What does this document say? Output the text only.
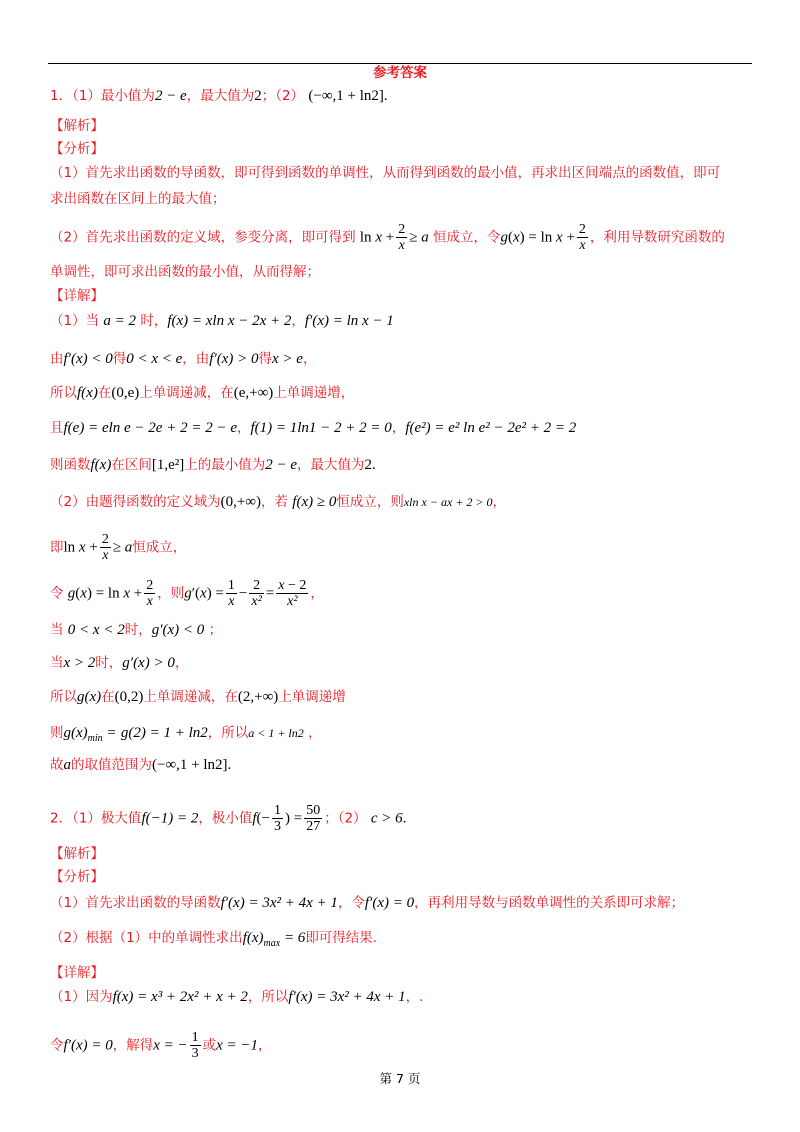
参考答案
1．（1）最小值为2 − e，最大值为2；（2） (−∞,1 + ln2].
【解析】
【分析】
（1）首先求出函数的导函数，即可得到函数的单调性，从而得到函数的最小值，再求出区间端点的函数值，即可
求出函数在区间上的最大值；
（2）首先求出函数的定义域，参变分离，即可得到 $\ln x + \frac{2}{x} \ge a$ 恒成立，令$g(x) = \ln x + \frac{2}{x}$ ，利用导数研究函数的
单调性，即可求出函数的最小值，从而得解；
【详解】
（1）当 a = 2 时，f(x) = xln x − 2x + 2，f′(x) = ln x − 1
由f′(x) < 0得0 < x < e，由f′(x) > 0得x > e，
所以f(x)在(0,e)上单调递减，在(e,+∞)上单调递增，
且f(e) = eln e − 2e + 2 = 2 − e，f(1) = 1ln1 − 2 + 2 = 0，f(e²) = e² ln e² − 2e² + 2 = 2
则函数f(x)在区间[1,e²]上的最小值为2 − e，最大值为2.
（2）由题得函数的定义域为(0,+∞)，若 f(x) ≥ 0恒成立，则xln x − ax + 2 > 0，
即$\ln x + \frac{2}{x} \ge a$恒成立，
令 $g(x) = \ln x + \frac{2}{x}$ ，则$g'(x) = \frac{1}{x} - \frac{2}{\text{x²}} = \frac{x - 2}{\text{x²}}$ ，
当 0 < x < 2时，g′(x) < 0 ；
当x > 2时，g′(x) > 0，
所以g(x)在(0,2)上单调递减，在(2,+∞)上单调递增
则$g(x)_{min} = g(2) = 1 + \ln 2$，所以a < 1 + ln2 ，
故a的取值范围为(−∞,1 + ln2].
2．（1）极大值f(−1) = 2，极小值$f(- \frac{1}{3}$ ) = $\frac{50}{27}$ ；（2） c > 6.
【解析】
【分析】
（1）首先求出函数的导函数f′(x) = 3x² + 4x + 1，令f′(x) = 0，再利用导数与函数单调性的关系即可求解；
（2）根据（1）中的单调性求出$f(x)_{max} = 6$即可得结果.
【详解】
（1）因为f(x) = x³ + 2x² + x + 2，所以f′(x) = 3x² + 4x + 1，.
令f′(x) = 0，解得x = − $\frac{1}{3}$ 或x = −1，
第 7 页
